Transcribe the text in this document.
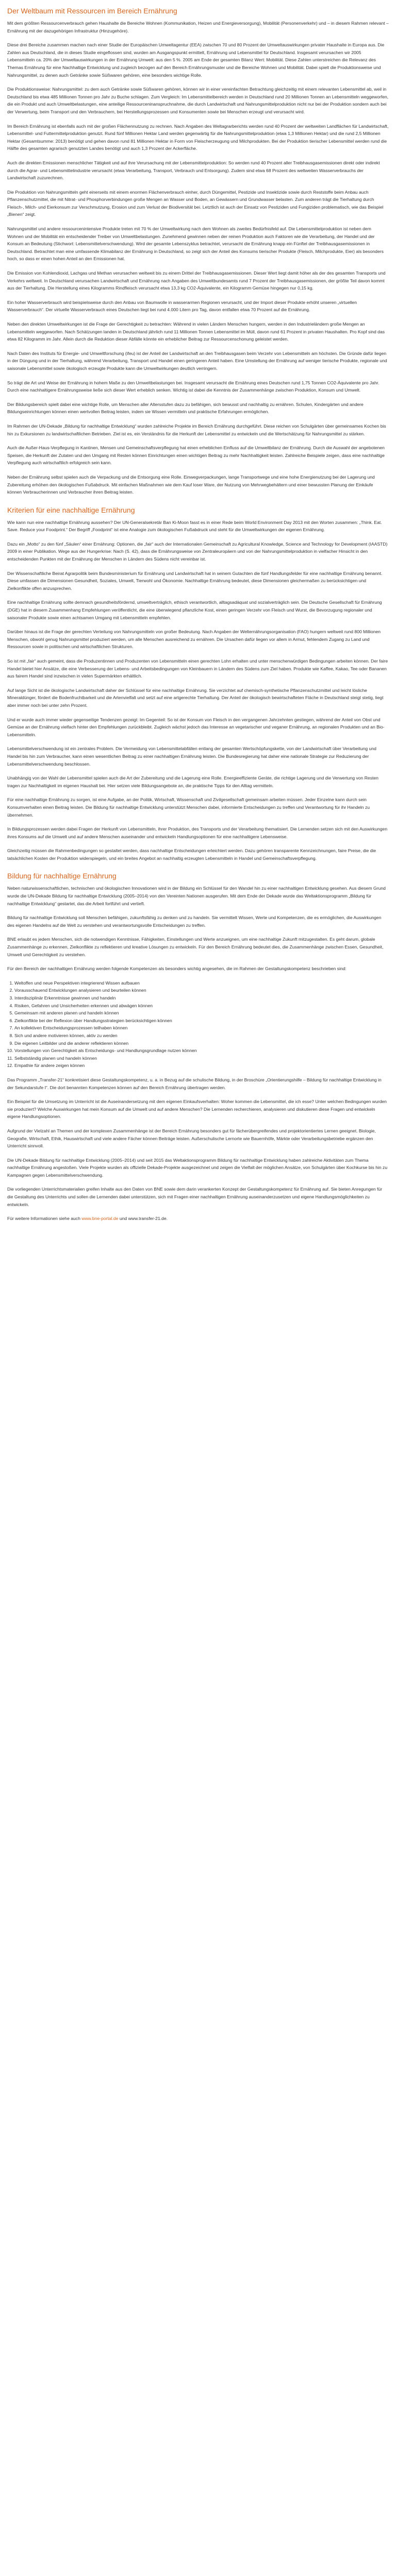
Der Weltbaum mit Ressourcen im Bereich Ernährung

Mit dem größten Ressourcenverbrauch gehen Haushalte die Bereiche Wohnen (Kommunikation, Heizen und Energieversorgung), Mobilität (Personenverkehr) und – in diesem Rahmen relevant – Ernährung mit der dazugehörigen Infrastruktur (Hinzugehöre).

Diese drei Bereiche zusammen machen nach einer Studie der Europäischen Umweltagentur (EEA) zwischen 70 und 80 Prozent der Umweltauswirkungen privater Haushalte in Europa aus. Die Zahlen aus Deutschland, die in dieses Studie eingeflossen sind, wurden am Ausgangspunkt ermittelt, Ernährung und Lebensmittel für Deutschland. Insgesamt verursachen wir 2005 Lebensmitteln ca. 20% der Umweltauswirkungen in der Ernährung Umwelt: aus den 5 %. 2005 am Ende der gesamten Bilanz Wert: Mobilität. Diese Zahlen unterstreichen die Relevanz des Themas Ernährung für eine Nachhaltige Entwicklung und zugleich bezogen auf den Bereich Ernährungsmuster und die Bereiche Wohnen und Mobilität. Dabei spielt die Produktionsweise und Nahrungsmittel, zu denen auch Getränke sowie Süßwaren gehören, eine besonders wichtige Rolle.

Die Produktionsweise: Nahrungsmittel: zu dem auch Getränke sowie Süßwaren gehören, können wir in einer vereinfachten Betrachtung gleichzeitig mit einem relevanten Lebensmittel ab, weil in Deutschland bis etwa 485 Millionen Tonnen pro Jahr zu Buche schlagen. Zum Vergleich: Im Lebensmittelbereich werden in Deutschland rund 20 Millionen Tonnen an Lebensmitteln weggeworfen, die ein Produkt und auch Umweltbelastungen, eine anteilige Ressourceninanspruchnahme, die durch Landwirtschaft und Nahrungsmittelproduktion nicht nur bei der Produktion sondern auch bei der Verwertung, beim Transport und den Verbrauchern, bei Herstellungsprozessen und Konsumenten sowie bei Menschen erzeugt und verursacht wird.

Im Bereich Ernährung ist ebenfalls auch mit der großen Flächennutzung zu rechnen. Nach Angaben des Weltagrarberichts werden rund 40 Prozent der weltweiten Landflächen für Landwirtschaft, Lebensmittel- und Futtermittelproduktion genutzt. Rund fünf Millionen Hektar Land werden gegenwärtig für die Nahrungsmittelproduktion (etwa 1,3 Millionen Hektar) und die rund 2,5 Millionen Hektar (Gesamtsumme: 2013) benötigt und gehen davon rund 81 Millionen Hektar in Form von Fleischerzeugung und Milchprodukten. Bei der Produktion tierischer Lebensmittel werden rund die Hälfte des gesamten agrarisch genutzten Landes benötigt und auch 1,3 Prozent der Ackerfläche.

Auch die direkten Emissionen menschlicher Tätigkeit und auf ihre Verursachung mit der Lebensmittelproduktion: So werden rund 40 Prozent aller Treibhausgasemissionen direkt oder indirekt durch die Agrar- und Lebensmittelindustrie verursacht (etwa Verarbeitung, Transport, Verbrauch und Entsorgung). Zudem sind etwa 68 Prozent des weltweiten Wasserverbrauchs der Landwirtschaft zuzurechnen.

Die Produktion von Nahrungsmitteln geht einerseits mit einem enormen Flächenverbrauch einher, durch Düngemittel, Pestizide und Insektizide sowie durch Reststoffe beim Anbau auch Pflanzenschutzmittel, die mit Nitrat- und Phosphorverbindungen große Mengen an Wasser und Boden, an Gewässern und Grundwasser belasten. Zum anderen trägt die Tierhaltung durch Fleisch-, Milch- und Eierkonsum zur Verschmutzung, Erosion und zum Verlust der Biodiversität bei. Letztlich ist auch der Einsatz von Pestiziden und Fungiziden problematisch, wie das Beispiel „Bienen“ zeigt.

Nahrungsmittel und andere ressourcenintensive Produkte treten mit 70 % der Umweltwirkung nach dem Wohnen als zweites Bedürfnisfeld auf. Die Lebensmittelproduktion ist neben dem Wohnen und der Mobilität ein entscheidender Treiber von Umweltbelastungen. Zunehmend gewinnen neben der reinen Produktion auch Faktoren wie die Verarbeitung, der Handel und der Konsum an Bedeutung (Stichwort: Lebensmittelverschwendung). Wird der gesamte Lebenszyklus betrachtet, verursacht die Ernährung knapp ein Fünftel der Treibhausgasemissionen in Deutschland. Betrachtet man eine umfassende Klimabilanz der Ernährung in Deutschland, so zeigt sich der Anteil des Konsums tierischer Produkte (Fleisch, Milchprodukte, Eier) als besonders hoch, so dass er einen hohen Anteil an den Emissionen hat.

Die Emission von Kohlendioxid, Lachgas und Methan verursachen weltweit bis zu einem Drittel der Treibhausgasemissionen. Dieser Wert liegt damit höher als der des gesamten Transports und Verkehrs weltweit. In Deutschland verursachen Landwirtschaft und Ernährung nach Angaben des Umweltbundesamts rund 7 Prozent der Treibhausgasemissionen, der größte Teil davon kommt aus der Tierhaltung. Die Herstellung eines Kilogramms Rindfleisch verursacht etwa 13,3 kg CO2-Äquivalente, ein Kilogramm Gemüse hingegen nur 0,15 kg.

Ein hoher Wasserverbrauch wird beispielsweise durch den Anbau von Baumwolle in wasserarmen Regionen verursacht, und der Import dieser Produkte erhöht unseren „virtuellen Wasserverbrauch“. Der virtuelle Wasserverbrauch eines Deutschen liegt bei rund 4.000 Litern pro Tag, davon entfallen etwa 70 Prozent auf die Ernährung.

Neben den direkten Umweltwirkungen ist die Frage der Gerechtigkeit zu betrachten: Während in vielen Ländern Menschen hungern, werden in den Industrieländern große Mengen an Lebensmitteln weggeworfen. Nach Schätzungen landen in Deutschland jährlich rund 11 Millionen Tonnen Lebensmittel im Müll, davon rund 61 Prozent in privaten Haushalten. Pro Kopf sind das etwa 82 Kilogramm im Jahr. Allein durch die Reduktion dieser Abfälle könnte ein erheblicher Beitrag zur Ressourcenschonung geleistet werden.

Nach Daten des Instituts für Energie- und Umweltforschung (ifeu) ist der Anteil der Landwirtschaft an den Treibhausgasen beim Verzehr von Lebensmitteln am höchsten. Die Gründe dafür liegen in der Düngung und in der Tierhaltung, während Verarbeitung, Transport und Handel einen geringeren Anteil haben. Eine Umstellung der Ernährung auf weniger tierische Produkte, regionale und saisonale Lebensmittel sowie ökologisch erzeugte Produkte kann die Umweltwirkungen deutlich verringern.

So trägt die Art und Weise der Ernährung in hohem Maße zu den Umweltbelastungen bei. Insgesamt verursacht die Ernährung eines Deutschen rund 1,75 Tonnen CO2-Äquivalente pro Jahr. Durch eine nachhaltigere Ernährungsweise ließe sich dieser Wert erheblich senken. Wichtig ist dabei die Kenntnis der Zusammenhänge zwischen Produktion, Konsum und Umwelt.

Der Bildungsbereich spielt dabei eine wichtige Rolle, um Menschen aller Altersstufen dazu zu befähigen, sich bewusst und nachhaltig zu ernähren. Schulen, Kindergärten und andere Bildungseinrichtungen können einen wertvollen Beitrag leisten, indem sie Wissen vermitteln und praktische Erfahrungen ermöglichen.

Im Rahmen der UN-Dekade „Bildung für nachhaltige Entwicklung“ wurden zahlreiche Projekte im Bereich Ernährung durchgeführt. Diese reichen von Schulgärten über gemeinsames Kochen bis hin zu Exkursionen zu landwirtschaftlichen Betrieben. Ziel ist es, ein Verständnis für die Herkunft der Lebensmittel zu entwickeln und die Wertschätzung für Nahrungsmittel zu stärken.

Auch die Außer-Haus-Verpflegung in Kantinen, Mensen und Gemeinschaftsverpflegung hat einen erheblichen Einfluss auf die Umweltbilanz der Ernährung. Durch die Auswahl der angebotenen Speisen, die Herkunft der Zutaten und den Umgang mit Resten können Einrichtungen einen wichtigen Beitrag zu mehr Nachhaltigkeit leisten. Zahlreiche Beispiele zeigen, dass eine nachhaltige Verpflegung auch wirtschaftlich erfolgreich sein kann.

Neben der Ernährung selbst spielen auch die Verpackung und die Entsorgung eine Rolle. Einwegverpackungen, lange Transportwege und eine hohe Energienutzung bei der Lagerung und Zubereitung erhöhen den ökologischen Fußabdruck. Mit einfachen Maßnahmen wie dem Kauf loser Ware, der Nutzung von Mehrwegbehältern und einer bewussten Planung der Einkäufe können Verbraucherinnen und Verbraucher ihren Beitrag leisten.

Kriterien für eine nachhaltige Ernährung

Wie kann nun eine nachhaltige Ernährung aussehen? Der UN-Generalsekretär Ban Ki-Moon fasst es in einer Rede beim World Environment Day 2013 mit den Worten zusammen: „Think. Eat. Save. Reduce your Foodprint.“ Der Begriff „Foodprint“ ist eine Analogie zum ökologischen Fußabdruck und steht für die Umweltwirkungen der eigenen Ernährung.

Dazu ein „Motto“ zu den fünf „Säulen“ einer Ernährung: Optionen, die „fair“ auch der Internationalen Gemeinschaft zu Agricultural Knowledge, Science and Technology for Development (IAASTD) 2009 in einer Publikation. Wege aus der Hungerkrise: Nach (S. 42), dass die Ernährungsweise von Zentraleuropäern und von der Nahrungsmittelproduktion in vielfacher Hinsicht in den entscheidenden Punkten mit der Ernährung der Menschen in Ländern des Südens nicht vereinbar ist.

Der Wissenschaftliche Beirat Agrarpolitik beim Bundesministerium für Ernährung und Landwirtschaft hat in seinem Gutachten die fünf Handlungsfelder für eine nachhaltige Ernährung benannt. Diese umfassen die Dimensionen Gesundheit, Soziales, Umwelt, Tierwohl und Ökonomie. Nachhaltige Ernährung bedeutet, diese Dimensionen gleichermaßen zu berücksichtigen und Zielkonflikte offen anzusprechen.

Eine nachhaltige Ernährung sollte demnach gesundheitsfördernd, umweltverträglich, ethisch verantwortlich, alltagsadäquat und sozialverträglich sein. Die Deutsche Gesellschaft für Ernährung (DGE) hat in diesem Zusammenhang Empfehlungen veröffentlicht, die eine überwiegend pflanzliche Kost, einen geringen Verzehr von Fleisch und Wurst, die Bevorzugung regionaler und saisonaler Produkte sowie einen achtsamen Umgang mit Lebensmitteln empfehlen.

Darüber hinaus ist die Frage der gerechten Verteilung von Nahrungsmitteln von großer Bedeutung. Nach Angaben der Welternährungsorganisation (FAO) hungern weltweit rund 800 Millionen Menschen, obwohl genug Nahrungsmittel produziert werden, um alle Menschen ausreichend zu ernähren. Die Ursachen dafür liegen vor allem in Armut, fehlendem Zugang zu Land und Ressourcen sowie in politischen und wirtschaftlichen Strukturen.

So ist mit „fair“ auch gemeint, dass die Produzentinnen und Produzenten von Lebensmitteln einen gerechten Lohn erhalten und unter menschenwürdigen Bedingungen arbeiten können. Der faire Handel bietet hier Ansätze, die eine Verbesserung der Lebens- und Arbeitsbedingungen von Kleinbauern in Ländern des Südens zum Ziel haben. Produkte wie Kaffee, Kakao, Tee oder Bananen aus fairem Handel sind inzwischen in vielen Supermärkten erhältlich.

Auf lange Sicht ist die ökologische Landwirtschaft daher der Schlüssel für eine nachhaltige Ernährung. Sie verzichtet auf chemisch-synthetische Pflanzenschutzmittel und leicht lösliche Mineraldünger, fördert die Bodenfruchtbarkeit und die Artenvielfalt und setzt auf eine artgerechte Tierhaltung. Der Anteil der ökologisch bewirtschafteten Fläche in Deutschland steigt stetig, liegt aber immer noch bei unter zehn Prozent.

Und er wurde auch immer wieder gegenseitige Tendenzen gezeigt: Im Gegenteil: So ist der Konsum von Fleisch in den vergangenen Jahrzehnten gestiegen, während der Anteil von Obst und Gemüse an der Ernährung vielfach hinter den Empfehlungen zurückbleibt. Zugleich wächst jedoch das Interesse an vegetarischer und veganer Ernährung, an regionalen Produkten und an Bio-Lebensmitteln.

Lebensmittelverschwendung ist ein zentrales Problem. Die Vermeidung von Lebensmittelabfällen entlang der gesamten Wertschöpfungskette, von der Landwirtschaft über Verarbeitung und Handel bis hin zum Verbraucher, kann einen wesentlichen Beitrag zu einer nachhaltigen Ernährung leisten. Die Bundesregierung hat daher eine nationale Strategie zur Reduzierung der Lebensmittelverschwendung beschlossen.

Unabhängig von der Wahl der Lebensmittel spielen auch die Art der Zubereitung und die Lagerung eine Rolle. Energieeffiziente Geräte, die richtige Lagerung und die Verwertung von Resten tragen zur Nachhaltigkeit im eigenen Haushalt bei. Hier setzen viele Bildungsangebote an, die praktische Tipps für den Alltag vermitteln.

Für eine nachhaltige Ernährung zu sorgen, ist eine Aufgabe, an der Politik, Wirtschaft, Wissenschaft und Zivilgesellschaft gemeinsam arbeiten müssen. Jeder Einzelne kann durch sein Konsumverhalten einen Beitrag leisten. Die Bildung für nachhaltige Entwicklung unterstützt Menschen dabei, informierte Entscheidungen zu treffen und Verantwortung für ihr Handeln zu übernehmen.

In Bildungsprozessen werden dabei Fragen der Herkunft von Lebensmitteln, ihrer Produktion, des Transports und der Verarbeitung thematisiert. Die Lernenden setzen sich mit den Auswirkungen ihres Konsums auf die Umwelt und auf andere Menschen auseinander und entwickeln Handlungsoptionen für eine nachhaltigere Lebensweise.

Gleichzeitig müssen die Rahmenbedingungen so gestaltet werden, dass nachhaltige Entscheidungen erleichtert werden. Dazu gehören transparente Kennzeichnungen, faire Preise, die die tatsächlichen Kosten der Produktion widerspiegeln, und ein breites Angebot an nachhaltig erzeugten Lebensmitteln in Handel und Gemeinschaftsverpflegung.

Bildung für nachhaltige Ernährung

Neben naturwissenschaftlichen, technischen und ökologischen Innovationen wird in der Bildung ein Schlüssel für den Wandel hin zu einer nachhaltigen Entwicklung gesehen. Aus diesem Grund wurde die UN-Dekade Bildung für nachhaltige Entwicklung (2005–2014) von den Vereinten Nationen ausgerufen. Mit dem Ende der Dekade wurde das Weltaktionsprogramm „Bildung für nachhaltige Entwicklung“ gestartet, das die Arbeit fortführt und vertieft.

Bildung für nachhaltige Entwicklung soll Menschen befähigen, zukunftsfähig zu denken und zu handeln. Sie vermittelt Wissen, Werte und Kompetenzen, die es ermöglichen, die Auswirkungen des eigenen Handelns auf die Welt zu verstehen und verantwortungsvolle Entscheidungen zu treffen.

BNE erlaubt es jedem Menschen, sich die notwendigen Kenntnisse, Fähigkeiten, Einstellungen und Werte anzueignen, um eine nachhaltige Zukunft mitzugestalten. Es geht darum, globale Zusammenhänge zu erkennen, Zielkonflikte zu reflektieren und kreative Lösungen zu entwickeln. Für den Bereich Ernährung bedeutet dies, die Zusammenhänge zwischen Essen, Gesundheit, Umwelt und Gerechtigkeit zu verstehen.

Für den Bereich der nachhaltigen Ernährung werden folgende Kompetenzen als besonders wichtig angesehen, die im Rahmen der Gestaltungskompetenz beschrieben sind:

1. Weltoffen und neue Perspektiven integrierend Wissen aufbauen
2. Vorausschauend Entwicklungen analysieren und beurteilen können
3. Interdisziplinär Erkenntnisse gewinnen und handeln
4. Risiken, Gefahren und Unsicherheiten erkennen und abwägen können
5. Gemeinsam mit anderen planen und handeln können
6. Zielkonflikte bei der Reflexion über Handlungsstrategien berücksichtigen können
7. An kollektiven Entscheidungsprozessen teilhaben können
8. Sich und andere motivieren können, aktiv zu werden
9. Die eigenen Leitbilder und die anderer reflektieren können
10. Vorstellungen von Gerechtigkeit als Entscheidungs- und Handlungsgrundlage nutzen können
11. Selbstständig planen und handeln können
12. Empathie für andere zeigen können

Das Programm „Transfer-21“ konkretisiert diese Gestaltungskompetenz, u. a. in Bezug auf die schulische Bildung, in der Broschüre „Orientierungshilfe – Bildung für nachhaltige Entwicklung in der Sekundarstufe I“. Die dort benannten Kompetenzen können auf den Bereich Ernährung übertragen werden.

Ein Beispiel für die Umsetzung im Unterricht ist die Auseinandersetzung mit dem eigenen Einkaufsverhalten: Woher kommen die Lebensmittel, die ich esse? Unter welchen Bedingungen wurden sie produziert? Welche Auswirkungen hat mein Konsum auf die Umwelt und auf andere Menschen? Die Lernenden recherchieren, analysieren und diskutieren diese Fragen und entwickeln eigene Handlungsoptionen.

Aufgrund der Vielzahl an Themen und der komplexen Zusammenhänge ist der Bereich Ernährung besonders gut für fächerübergreifendes und projektorientiertes Lernen geeignet. Biologie, Geografie, Wirtschaft, Ethik, Hauswirtschaft und viele andere Fächer können Beiträge leisten. Außerschulische Lernorte wie Bauernhöfe, Märkte oder Verarbeitungsbetriebe ergänzen den Unterricht sinnvoll.

Die UN-Dekade Bildung für nachhaltige Entwicklung (2005–2014) und seit 2015 das Weltaktionsprogramm Bildung für nachhaltige Entwicklung haben zahlreiche Aktivitäten zum Thema nachhaltige Ernährung angestoßen. Viele Projekte wurden als offizielle Dekade-Projekte ausgezeichnet und zeigen die Vielfalt der möglichen Ansätze, von Schulgärten über Kochkurse bis hin zu Kampagnen gegen Lebensmittelverschwendung.

Die vorliegenden Unterrichtsmaterialien greifen Inhalte aus den Daten von BNE sowie dem darin verankerten Konzept der Gestaltungskompetenz für Ernährung auf. Sie bieten Anregungen für die Gestaltung des Unterrichts und sollen die Lernenden dabei unterstützen, sich mit Fragen einer nachhaltigen Ernährung auseinanderzusetzen und eigene Handlungsmöglichkeiten zu entwickeln.

Für weitere Informationen siehe auch www.bne-portal.de und www.transfer-21.de.
